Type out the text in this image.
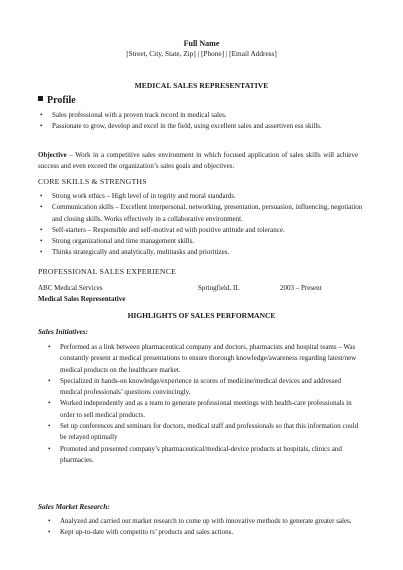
Full Name
[Street, City, State, Zip] | [Phone] | [Email Address]
MEDICAL SALES REPRESENTATIVE
Profile
• Sales professional with a proven track record in medical sales.
• Passionate to grow, develop and excel in the field, using excellent sales and assertiven ess skills.
Objective – Work in a competitive sales environment in which focused application of sales skills will achieve success and even exceed the organization’s sales goals and objectives.
CORE SKILLS & STRENGTHS
• Strong work ethics – High level of in tegrity and moral standards.
• Communication skills – Excellent interpersonal, networking, presentation, persuasion, influencing, negotiation and closing skills. Works effectively in a collaborative environment.
• Self-starters – Responsible and self-motivat ed with positive attitude and tolerance.
• Strong organizational and time management skills.
• Thinks strategically and analytically, multitasks and prioritizes.
PROFESSIONAL SALES EXPERIENCE
ABC Medical Services	Springfield, IL	2003 – Present
Medical Sales Representative
HIGHLIGHTS OF SALES PERFORMANCE
Sales Initiatives:
• Performed as a link between pharmaceutical company and doctors, pharmacists and hospital teams – Was constantly present at medical presentations to ensure thorough knowledge/awareness regarding latest/new medical products on the healthcare market.
• Specialized in hands-on knowledge/experience in scores of medicine/medical devices and addressed medical professionals’ questions convincingly.
• Worked independently and as a team to generate professional meetings with health-care professionals in order to sell medical products.
• Set up conferences and seminars for doctors, medical staff and professionals so that this information could be relayed optimally
• Promoted and presented company’s pharmaceutical/medical-device products at hospitals, clinics and pharmacies.
Sales Market Research:
• Analyzed and carried out market research to come up with innovative methods to generate greater sales.
• Kept up-to-date with competito rs’ products and sales actions.
